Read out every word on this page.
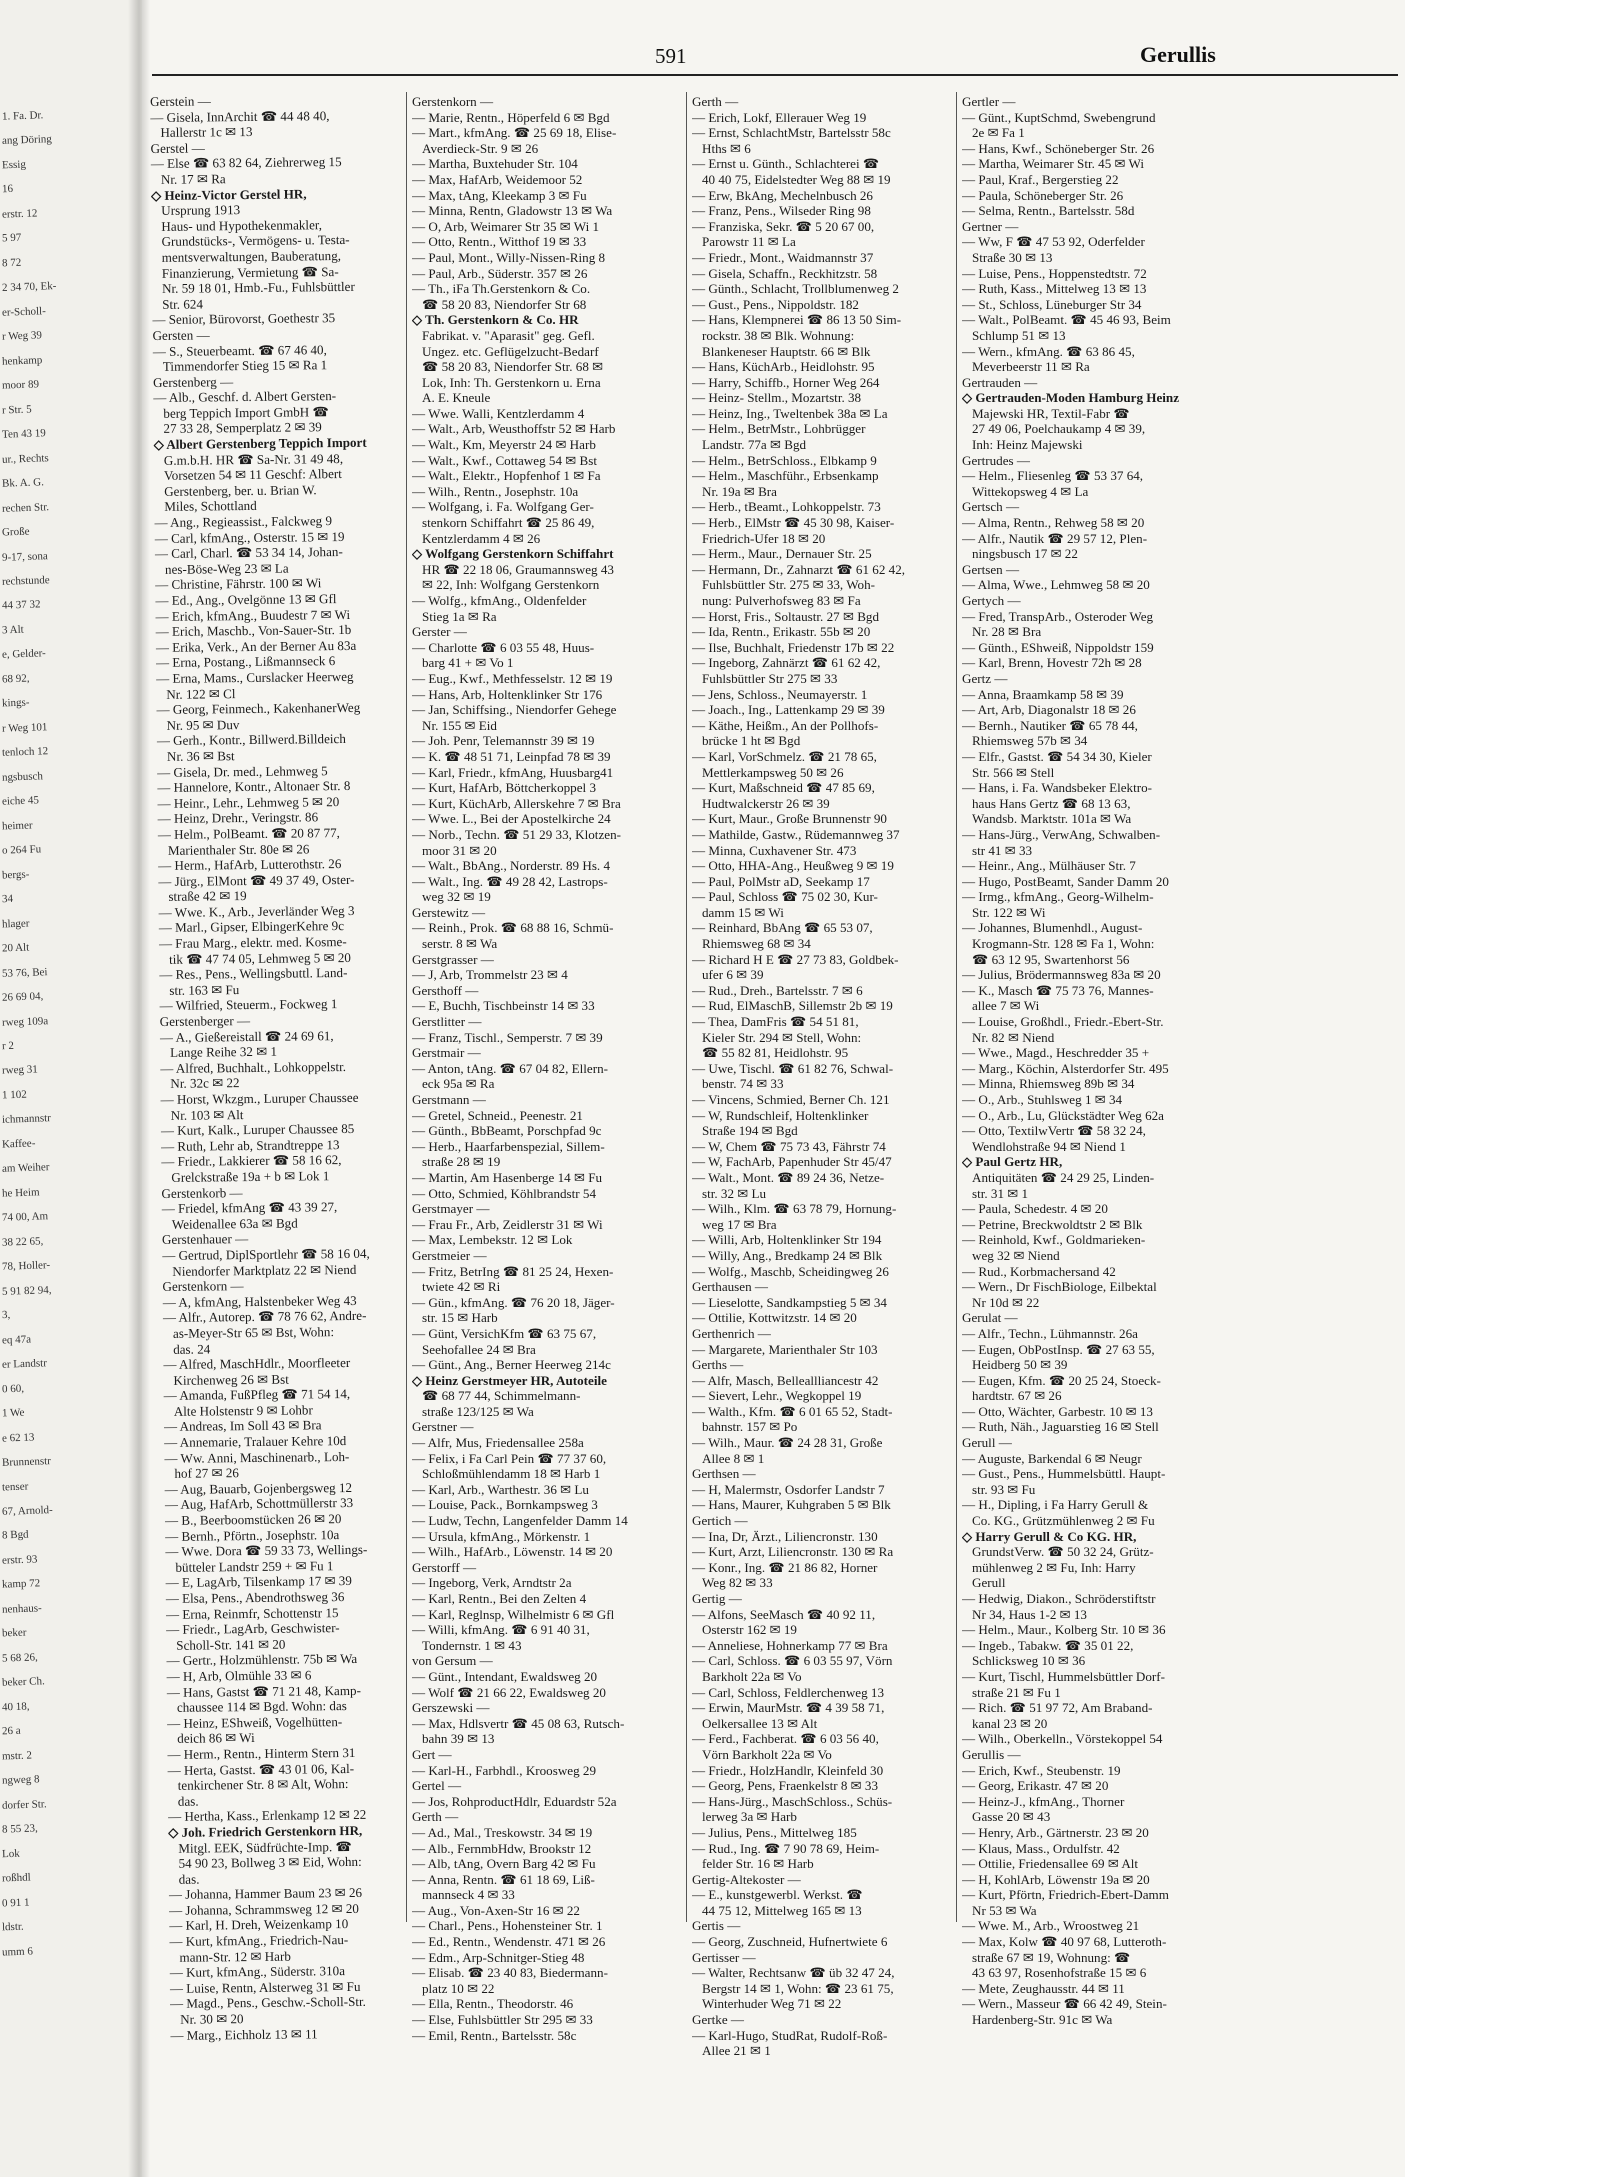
1. Fa. Dr.
ang Döring
Essig
16
erstr. 12
5 97
8 72
2 34 70, Ek-
er-Scholl-
r Weg 39
henkamp
moor 89
r Str. 5
Ten 43 19
ur., Rechts
Bk. A. G.
rechen Str.
Große
9-17, sona
rechstunde
44 37 32
3 Alt
e, Gelder-
68 92,
kings-
r Weg 101
tenloch 12
ngsbusch
eiche 45
heimer
o 264 Fu
bergs-
34
hlager
20 Alt
53 76, Bei
26 69 04,
rweg 109a
r 2
rweg 31
1 102
ichmannstr
Kaffee-
am Weiher
he Heim
74 00, Am
38 22 65,
78, Holler-
5 91 82 94,
3,
eq 47a
er Landstr
0 60,
1 We
e 62 13
Brunnenstr
tenser
67, Arnold-
8 Bgd
erstr. 93
kamp 72
nenhaus-
beker
5 68 26,
beker Ch.
40 18,
26 a
mstr. 2
ngweg 8
dorfer Str.
8 55 23,
Lok
roßhdl
0 91 1
ldstr.
umm 6
591	Gerullis
Gerstein —
— Gisela, InnArchit ☎ 44 48 40,
Hallerstr 1c ✉ 13
Gerstel —
— Else ☎ 63 82 64, Ziehrerweg 15
Nr. 17 ✉ Ra
◇ Heinz-Victor Gerstel HR,
Ursprung 1913
Haus- und Hypothekenmakler,
Grundstücks-, Vermögens- u. Testa-
mentsverwaltungen, Bauberatung,
Finanzierung, Vermietung ☎ Sa-
Nr. 59 18 01, Hmb.-Fu., Fuhlsbüttler
Str. 624
— Senior, Bürovorst, Goethestr 35
Gersten —
— S., Steuerbeamt. ☎ 67 46 40,
Timmendorfer Stieg 15 ✉ Ra 1
Gerstenberg —
— Alb., Geschf. d. Albert Gersten-
berg Teppich Import GmbH ☎
27 33 28, Semperplatz 2 ✉ 39
◇ Albert Gerstenberg Teppich Import
G.m.b.H. HR ☎ Sa-Nr. 31 49 48,
Vorsetzen 54 ✉ 11 Geschf: Albert
Gerstenberg, ber. u. Brian W.
Miles, Schottland
— Ang., Regieassist., Falckweg 9
— Carl, kfmAng., Osterstr. 15 ✉ 19
— Carl, Charl. ☎ 53 34 14, Johan-
nes-Böse-Weg 23 ✉ La
— Christine, Fährstr. 100 ✉ Wi
— Ed., Ang., Ovelgönne 13 ✉ Gfl
— Erich, kfmAng., Buudestr 7 ✉ Wi
— Erich, Maschb., Von-Sauer-Str. 1b
— Erika, Verk., An der Berner Au 83a
— Erna, Postang., Lißmannseck 6
— Erna, Mams., Curslacker Heerweg
Nr. 122 ✉ Cl
— Georg, Feinmech., KakenhanerWeg
Nr. 95 ✉ Duv
— Gerh., Kontr., Billwerd.Billdeich
Nr. 36 ✉ Bst
— Gisela, Dr. med., Lehmweg 5
— Hannelore, Kontr., Altonaer Str. 8
— Heinr., Lehr., Lehmweg 5 ✉ 20
— Heinz, Drehr., Veringstr. 86
— Helm., PolBeamt. ☎ 20 87 77,
Marienthaler Str. 80e ✉ 26
— Herm., HafArb, Lutterothstr. 26
— Jürg., ElMont ☎ 49 37 49, Oster-
straße 42 ✉ 19
— Wwe. K., Arb., Jeverländer Weg 3
— Marl., Gipser, ElbingerKehre 9c
— Frau Marg., elektr. med. Kosme-
tik ☎ 47 74 05, Lehmweg 5 ✉ 20
— Res., Pens., Wellingsbuttl. Land-
str. 163 ✉ Fu
— Wilfried, Steuerm., Fockweg 1
Gerstenberger —
— A., Gießereistall ☎ 24 69 61,
Lange Reihe 32 ✉ 1
— Alfred, Buchhalt., Lohkoppelstr.
Nr. 32c ✉ 22
— Horst, Wkzgm., Luruper Chaussee
Nr. 103 ✉ Alt
— Kurt, Kalk., Luruper Chaussee 85
— Ruth, Lehr ab, Strandtreppe 13
— Friedr., Lakkierer ☎ 58 16 62,
Grelckstraße 19a + b ✉ Lok 1
Gerstenkorb —
— Friedel, kfmAng ☎ 43 39 27,
Weidenallee 63a ✉ Bgd
Gerstenhauer —
— Gertrud, DiplSportlehr ☎ 58 16 04,
Niendorfer Marktplatz 22 ✉ Niend
Gerstenkorn —
— A, kfmAng, Halstenbeker Weg 43
— Alfr., Autorep. ☎ 78 76 62, Andre-
as-Meyer-Str 65 ✉ Bst, Wohn:
das. 24
— Alfred, MaschHdlr., Moorfleeter
Kirchenweg 26 ✉ Bst
— Amanda, FußPfleg ☎ 71 54 14,
Alte Holstenstr 9 ✉ Lohbr
— Andreas, Im Soll 43 ✉ Bra
— Annemarie, Tralauer Kehre 10d
— Ww. Anni, Maschinenarb., Loh-
hof 27 ✉ 26
— Aug, Bauarb, Gojenbergsweg 12
— Aug, HafArb, Schottmüllerstr 33
— B., Beerboomstücken 26 ✉ 20
— Bernh., Pförtn., Josephstr. 10a
— Wwe. Dora ☎ 59 33 73, Wellings-
bütteler Landstr 259 + ✉ Fu 1
— E, LagArb, Tilsenkamp 17 ✉ 39
— Elsa, Pens., Abendrothsweg 36
— Erna, Reinmfr, Schottenstr 15
— Friedr., LagArb, Geschwister-
Scholl-Str. 141 ✉ 20
— Gertr., Holzmühlenstr. 75b ✉ Wa
— H, Arb, Olmühle 33 ✉ 6
— Hans, Gastst ☎ 71 21 48, Kamp-
chaussee 114 ✉ Bgd. Wohn: das
— Heinz, EShweiß, Vogelhütten-
deich 86 ✉ Wi
— Herm., Rentn., Hinterm Stern 31
— Herta, Gastst. ☎ 43 01 06, Kal-
tenkirchener Str. 8 ✉ Alt, Wohn:
das.
— Hertha, Kass., Erlenkamp 12 ✉ 22
◇ Joh. Friedrich Gerstenkorn HR,
Mitgl. EEK, Südfrüchte-Imp. ☎
54 90 23, Bollweg 3 ✉ Eid, Wohn:
das.
— Johanna, Hammer Baum 23 ✉ 26
— Johanna, Schrammsweg 12 ✉ 20
— Karl, H. Dreh, Weizenkamp 10
— Kurt, kfmAng., Friedrich-Nau-
mann-Str. 12 ✉ Harb
— Kurt, kfmAng., Süderstr. 310a
— Luise, Rentn, Alsterweg 31 ✉ Fu
— Magd., Pens., Geschw.-Scholl-Str.
Nr. 30 ✉ 20
— Marg., Eichholz 13 ✉ 11
Gerstenkorn —
— Marie, Rentn., Höperfeld 6 ✉ Bgd
— Mart., kfmAng. ☎ 25 69 18, Elise-
Averdieck-Str. 9 ✉ 26
— Martha, Buxtehuder Str. 104
— Max, HafArb, Weidemoor 52
— Max, tAng, Kleekamp 3 ✉ Fu
— Minna, Rentn, Gladowstr 13 ✉ Wa
— O, Arb, Weimarer Str 35 ✉ Wi 1
— Otto, Rentn., Witthof 19 ✉ 33
— Paul, Mont., Willy-Nissen-Ring 8
— Paul, Arb., Süderstr. 357 ✉ 26
— Th., iFa Th.Gerstenkorn & Co.
☎ 58 20 83, Niendorfer Str 68
◇ Th. Gerstenkorn & Co. HR
Fabrikat. v. "Aparasit" geg. Gefl.
Ungez. etc. Geflügelzucht-Bedarf
☎ 58 20 83, Niendorfer Str. 68 ✉
Lok, Inh: Th. Gerstenkorn u. Erna
A. E. Kneule
— Wwe. Walli, Kentzlerdamm 4
— Walt., Arb, Weusthoffstr 52 ✉ Harb
— Walt., Km, Meyerstr 24 ✉ Harb
— Walt., Kwf., Cottaweg 54 ✉ Bst
— Walt., Elektr., Hopfenhof 1 ✉ Fa
— Wilh., Rentn., Josephstr. 10a
— Wolfgang, i. Fa. Wolfgang Ger-
stenkorn Schiffahrt ☎ 25 86 49,
Kentzlerdamm 4 ✉ 26
◇ Wolfgang Gerstenkorn Schiffahrt
HR ☎ 22 18 06, Graumannsweg 43
✉ 22, Inh: Wolfgang Gerstenkorn
— Wolfg., kfmAng., Oldenfelder
Stieg 1a ✉ Ra
Gerster —
— Charlotte ☎ 6 03 55 48, Huus-
barg 41 + ✉ Vo 1
— Eug., Kwf., Methfesselstr. 12 ✉ 19
— Hans, Arb, Holtenklinker Str 176
— Jan, Schiffsing., Niendorfer Gehege
Nr. 155 ✉ Eid
— Joh. Penr, Telemannstr 39 ✉ 19
— K. ☎ 48 51 71, Leinpfad 78 ✉ 39
— Karl, Friedr., kfmAng, Huusbarg41
— Kurt, HafArb, Böttcherkoppel 3
— Kurt, KüchArb, Allerskehre 7 ✉ Bra
— Wwe. L., Bei der Apostelkirche 24
— Norb., Techn. ☎ 51 29 33, Klotzen-
moor 31 ✉ 20
— Walt., BbAng., Norderstr. 89 Hs. 4
— Walt., Ing. ☎ 49 28 42, Lastrops-
weg 32 ✉ 19
Gerstewitz —
— Reinh., Prok. ☎ 68 88 16, Schmü-
serstr. 8 ✉ Wa
Gerstgrasser —
— J, Arb, Trommelstr 23 ✉ 4
Gersthoff —
— E, Buchh, Tischbeinstr 14 ✉ 33
Gerstlitter —
— Franz, Tischl., Semperstr. 7 ✉ 39
Gerstmair —
— Anton, tAng. ☎ 67 04 82, Ellern-
eck 95a ✉ Ra
Gerstmann —
— Gretel, Schneid., Peenestr. 21
— Günth., BbBeamt, Porschpfad 9c
— Herb., Haarfarbenspezial, Sillem-
straße 28 ✉ 19
— Martin, Am Hasenberge 14 ✉ Fu
— Otto, Schmied, Köhlbrandstr 54
Gerstmayer —
— Frau Fr., Arb, Zeidlerstr 31 ✉ Wi
— Max, Lembekstr. 12 ✉ Lok
Gerstmeier —
— Fritz, BetrIng ☎ 81 25 24, Hexen-
twiete 42 ✉ Ri
— Gün., kfmAng. ☎ 76 20 18, Jäger-
str. 15 ✉ Harb
— Günt, VersichKfm ☎ 63 75 67,
Seehofallee 24 ✉ Bra
— Günt., Ang., Berner Heerweg 214c
◇ Heinz Gerstmeyer HR, Autoteile
☎ 68 77 44, Schimmelmann-
straße 123/125 ✉ Wa
Gerstner —
— Alfr, Mus, Friedensallee 258a
— Felix, i Fa Carl Pein ☎ 77 37 60,
Schloßmühlendamm 18 ✉ Harb 1
— Karl, Arb., Warthestr. 36 ✉ Lu
— Louise, Pack., Bornkampsweg 3
— Ludw, Techn, Langenfelder Damm 14
— Ursula, kfmAng., Mörkenstr. 1
— Wilh., HafArb., Löwenstr. 14 ✉ 20
Gerstorff —
— Ingeborg, Verk, Arndtstr 2a
— Karl, Rentn., Bei den Zelten 4
— Karl, Reglnsp, Wilhelmistr 6 ✉ Gfl
— Willi, kfmAng. ☎ 6 91 40 31,
Tondernstr. 1 ✉ 43
von Gersum —
— Günt., Intendant, Ewaldsweg 20
— Wolf ☎ 21 66 22, Ewaldsweg 20
Gerszewski —
— Max, Hdlsvertr ☎ 45 08 63, Rutsch-
bahn 39 ✉ 13
Gert —
— Karl-H., Farbhdl., Kroosweg 29
Gertel —
— Jos, RohproductHdlr, Eduardstr 52a
Gerth —
— Ad., Mal., Treskowstr. 34 ✉ 19
— Alb., FernmbHdw, Brookstr 12
— Alb, tAng, Overn Barg 42 ✉ Fu
— Anna, Rentn. ☎ 61 18 69, Liß-
mannseck 4 ✉ 33
— Aug., Von-Axen-Str 16 ✉ 22
— Charl., Pens., Hohensteiner Str. 1
— Ed., Rentn., Wendenstr. 471 ✉ 26
— Edm., Arp-Schnitger-Stieg 48
— Elisab. ☎ 23 40 83, Biedermann-
platz 10 ✉ 22
— Ella, Rentn., Theodorstr. 46
— Else, Fuhlsbüttler Str 295 ✉ 33
— Emil, Rentn., Bartelsstr. 58c
Gerth —
— Erich, Lokf, Ellerauer Weg 19
— Ernst, SchlachtMstr, Bartelsstr 58c
Hths ✉ 6
— Ernst u. Günth., Schlachterei ☎
40 40 75, Eidelstedter Weg 88 ✉ 19
— Erw, BkAng, Mechelnbusch 26
— Franz, Pens., Wilseder Ring 98
— Franziska, Sekr. ☎ 5 20 67 00,
Parowstr 11 ✉ La
— Friedr., Mont., Waidmannstr 37
— Gisela, Schaffn., Reckhitzstr. 58
— Günth., Schlacht, Trollblumenweg 2
— Gust., Pens., Nippoldstr. 182
— Hans, Klempnerei ☎ 86 13 50 Sim-
rockstr. 38 ✉ Blk. Wohnung:
Blankeneser Hauptstr. 66 ✉ Blk
— Hans, KüchArb., Heidlohstr. 95
— Harry, Schiffb., Horner Weg 264
— Heinz- Stellm., Mozartstr. 38
— Heinz, Ing., Tweltenbek 38a ✉ La
— Helm., BetrMstr., Lohbrügger
Landstr. 77a ✉ Bgd
— Helm., BetrSchloss., Elbkamp 9
— Helm., Maschführ., Erbsenkamp
Nr. 19a ✉ Bra
— Herb., tBeamt., Lohkoppelstr. 73
— Herb., ElMstr ☎ 45 30 98, Kaiser-
Friedrich-Ufer 18 ✉ 20
— Herm., Maur., Dernauer Str. 25
— Hermann, Dr., Zahnarzt ☎ 61 62 42,
Fuhlsbüttler Str. 275 ✉ 33, Woh-
nung: Pulverhofsweg 83 ✉ Fa
— Horst, Fris., Soltaustr. 27 ✉ Bgd
— Ida, Rentn., Erikastr. 55b ✉ 20
— Ilse, Buchhalt, Friedenstr 17b ✉ 22
— Ingeborg, Zahnärzt ☎ 61 62 42,
Fuhlsbüttler Str 275 ✉ 33
— Jens, Schloss., Neumayerstr. 1
— Joach., Ing., Lattenkamp 29 ✉ 39
— Käthe, Heißm., An der Pollhofs-
brücke 1 ht ✉ Bgd
— Karl, VorSchmelz. ☎ 21 78 65,
Mettlerkampsweg 50 ✉ 26
— Kurt, Maßschneid ☎ 47 85 69,
Hudtwalckerstr 26 ✉ 39
— Kurt, Maur., Große Brunnenstr 90
— Mathilde, Gastw., Rüdemannweg 37
— Minna, Cuxhavener Str. 473
— Otto, HHA-Ang., Heußweg 9 ✉ 19
— Paul, PolMstr aD, Seekamp 17
— Paul, Schloss ☎ 75 02 30, Kur-
damm 15 ✉ Wi
— Reinhard, BbAng ☎ 65 53 07,
Rhiemsweg 68 ✉ 34
— Richard H E ☎ 27 73 83, Goldbek-
ufer 6 ✉ 39
— Rud., Dreh., Bartelsstr. 7 ✉ 6
— Rud, ElMaschB, Sillemstr 2b ✉ 19
— Thea, DamFris ☎ 54 51 81,
Kieler Str. 294 ✉ Stell, Wohn:
☎ 55 82 81, Heidlohstr. 95
— Uwe, Tischl. ☎ 61 82 76, Schwal-
benstr. 74 ✉ 33
— Vincens, Schmied, Berner Ch. 121
— W, Rundschleif, Holtenklinker
Straße 194 ✉ Bgd
— W, Chem ☎ 75 73 43, Fährstr 74
— W, FachArb, Papenhuder Str 45/47
— Walt., Mont. ☎ 89 24 36, Netze-
str. 32 ✉ Lu
— Wilh., Klm. ☎ 63 78 79, Hornung-
weg 17 ✉ Bra
— Willi, Arb, Holtenklinker Str 194
— Willy, Ang., Bredkamp 24 ✉ Blk
— Wolfg., Maschb, Scheidingweg 26
Gerthausen —
— Lieselotte, Sandkampstieg 5 ✉ 34
— Ottilie, Kottwitzstr. 14 ✉ 20
Gerthenrich —
— Margarete, Marienthaler Str 103
Gerths —
— Alfr, Masch, Belleallliancestr 42
— Sievert, Lehr., Wegkoppel 19
— Walth., Kfm. ☎ 6 01 65 52, Stadt-
bahnstr. 157 ✉ Po
— Wilh., Maur. ☎ 24 28 31, Große
Allee 8 ✉ 1
Gerthsen —
— H, Malermstr, Osdorfer Landstr 7
— Hans, Maurer, Kuhgraben 5 ✉ Blk
Gertich —
— Ina, Dr, Ärzt., Liliencronstr. 130
— Kurt, Arzt, Liliencronstr. 130 ✉ Ra
— Konr., Ing. ☎ 21 86 82, Horner
Weg 82 ✉ 33
Gertig —
— Alfons, SeeMasch ☎ 40 92 11,
Osterstr 162 ✉ 19
— Anneliese, Hohnerkamp 77 ✉ Bra
— Carl, Schloss. ☎ 6 03 55 97, Vörn
Barkholt 22a ✉ Vo
— Carl, Schloss, Feldlerchenweg 13
— Erwin, MaurMstr. ☎ 4 39 58 71,
Oelkersallee 13 ✉ Alt
— Ferd., Fachberat. ☎ 6 03 56 40,
Vörn Barkholt 22a ✉ Vo
— Friedr., HolzHandlr, Kleinfeld 30
— Georg, Pens, Fraenkelstr 8 ✉ 33
— Hans-Jürg., MaschSchloss., Schüs-
lerweg 3a ✉ Harb
— Julius, Pens., Mittelweg 185
— Rud., Ing. ☎ 7 90 78 69, Heim-
felder Str. 16 ✉ Harb
Gertig-Altekoster —
— E., kunstgewerbl. Werkst. ☎
44 75 12, Mittelweg 165 ✉ 13
Gertis —
— Georg, Zuschneid, Hufnertwiete 6
Gertisser —
— Walter, Rechtsanw ☎ üb 32 47 24,
Bergstr 14 ✉ 1, Wohn: ☎ 23 61 75,
Winterhuder Weg 71 ✉ 22
Gertke —
— Karl-Hugo, StudRat, Rudolf-Roß-
Allee 21 ✉ 1
Gertler —
— Günt., KuptSchmd, Swebengrund
2e ✉ Fa 1
— Hans, Kwf., Schöneberger Str. 26
— Martha, Weimarer Str. 45 ✉ Wi
— Paul, Kraf., Bergerstieg 22
— Paula, Schöneberger Str. 26
— Selma, Rentn., Bartelsstr. 58d
Gertner —
— Ww, F ☎ 47 53 92, Oderfelder
Straße 30 ✉ 13
— Luise, Pens., Hoppenstedtstr. 72
— Ruth, Kass., Mittelweg 13 ✉ 13
— St., Schloss, Lüneburger Str 34
— Walt., PolBeamt. ☎ 45 46 93, Beim
Schlump 51 ✉ 13
— Wern., kfmAng. ☎ 63 86 45,
Meverbeerstr 11 ✉ Ra
Gertrauden —
◇ Gertrauden-Moden Hamburg Heinz
Majewski HR, Textil-Fabr ☎
27 49 06, Poelchaukamp 4 ✉ 39,
Inh: Heinz Majewski
Gertrudes —
— Helm., Fliesenleg ☎ 53 37 64,
Wittekopsweg 4 ✉ La
Gertsch —
— Alma, Rentn., Rehweg 58 ✉ 20
— Alfr., Nautik ☎ 29 57 12, Plen-
ningsbusch 17 ✉ 22
Gertsen —
— Alma, Wwe., Lehmweg 58 ✉ 20
Gertych —
— Fred, TranspArb., Osteroder Weg
Nr. 28 ✉ Bra
— Günth., EShweiß, Nippoldstr 159
— Karl, Brenn, Hovestr 72h ✉ 28
Gertz —
— Anna, Braamkamp 58 ✉ 39
— Art, Arb, Diagonalstr 18 ✉ 26
— Bernh., Nautiker ☎ 65 78 44,
Rhiemsweg 57b ✉ 34
— Elfr., Gastst. ☎ 54 34 30, Kieler
Str. 566 ✉ Stell
— Hans, i. Fa. Wandsbeker Elektro-
haus Hans Gertz ☎ 68 13 63,
Wandsb. Marktstr. 101a ✉ Wa
— Hans-Jürg., VerwAng, Schwalben-
str 41 ✉ 33
— Heinr., Ang., Mülhäuser Str. 7
— Hugo, PostBeamt, Sander Damm 20
— Irmg., kfmAng., Georg-Wilhelm-
Str. 122 ✉ Wi
— Johannes, Blumenhdl., August-
Krogmann-Str. 128 ✉ Fa 1, Wohn:
☎ 63 12 95, Swartenhorst 56
— Julius, Brödermannsweg 83a ✉ 20
— K., Masch ☎ 75 73 76, Mannes-
allee 7 ✉ Wi
— Louise, Großhdl., Friedr.-Ebert-Str.
Nr. 82 ✉ Niend
— Wwe., Magd., Heschredder 35 +
— Marg., Köchin, Alsterdorfer Str. 495
— Minna, Rhiemsweg 89b ✉ 34
— O., Arb., Stuhlsweg 1 ✉ 34
— O., Arb., Lu, Glückstädter Weg 62a
— Otto, TextilwVertr ☎ 58 32 24,
Wendlohstraße 94 ✉ Niend 1
◇ Paul Gertz HR,
Antiquitäten ☎ 24 29 25, Linden-
str. 31 ✉ 1
— Paula, Schedestr. 4 ✉ 20
— Petrine, Breckwoldtstr 2 ✉ Blk
— Reinhold, Kwf., Goldmarieken-
weg 32 ✉ Niend
— Rud., Korbmachersand 42
— Wern., Dr FischBiologe, Eilbektal
Nr 10d ✉ 22
Gerulat —
— Alfr., Techn., Lühmannstr. 26a
— Eugen, ObPostInsp. ☎ 27 63 55,
Heidberg 50 ✉ 39
— Eugen, Kfm. ☎ 20 25 24, Stoeck-
hardtstr. 67 ✉ 26
— Otto, Wächter, Garbestr. 10 ✉ 13
— Ruth, Näh., Jaguarstieg 16 ✉ Stell
Gerull —
— Auguste, Barkendal 6 ✉ Neugr
— Gust., Pens., Hummelsbüttl. Haupt-
str. 93 ✉ Fu
— H., Dipling, i Fa Harry Gerull &
Co. KG., Grützmühlenweg 2 ✉ Fu
◇ Harry Gerull & Co KG. HR,
GrundstVerw. ☎ 50 32 24, Grütz-
mühlenweg 2 ✉ Fu, Inh: Harry
Gerull
— Hedwig, Diakon., Schröderstiftstr
Nr 34, Haus 1-2 ✉ 13
— Helm., Maur., Kolberg Str. 10 ✉ 36
— Ingeb., Tabakw. ☎ 35 01 22,
Schlicksweg 10 ✉ 36
— Kurt, Tischl, Hummelsbüttler Dorf-
straße 21 ✉ Fu 1
— Rich. ☎ 51 97 72, Am Braband-
kanal 23 ✉ 20
— Wilh., Oberkelln., Vörstekoppel 54
Gerullis —
— Erich, Kwf., Steubenstr. 19
— Georg, Erikastr. 47 ✉ 20
— Heinz-J., kfmAng., Thorner
Gasse 20 ✉ 43
— Henry, Arb., Gärtnerstr. 23 ✉ 20
— Klaus, Mass., Ordulfstr. 42
— Ottilie, Friedensallee 69 ✉ Alt
— H, KohlArb, Löwenstr 19a ✉ 20
— Kurt, Pförtn, Friedrich-Ebert-Damm
Nr 53 ✉ Wa
— Wwe. M., Arb., Wroostweg 21
— Max, Kolw ☎ 40 97 68, Lutteroth-
straße 67 ✉ 19, Wohnung: ☎
43 63 97, Rosenhofstraße 15 ✉ 6
— Mete, Zeughausstr. 44 ✉ 11
— Wern., Masseur ☎ 66 42 49, Stein-
Hardenberg-Str. 91c ✉ Wa
